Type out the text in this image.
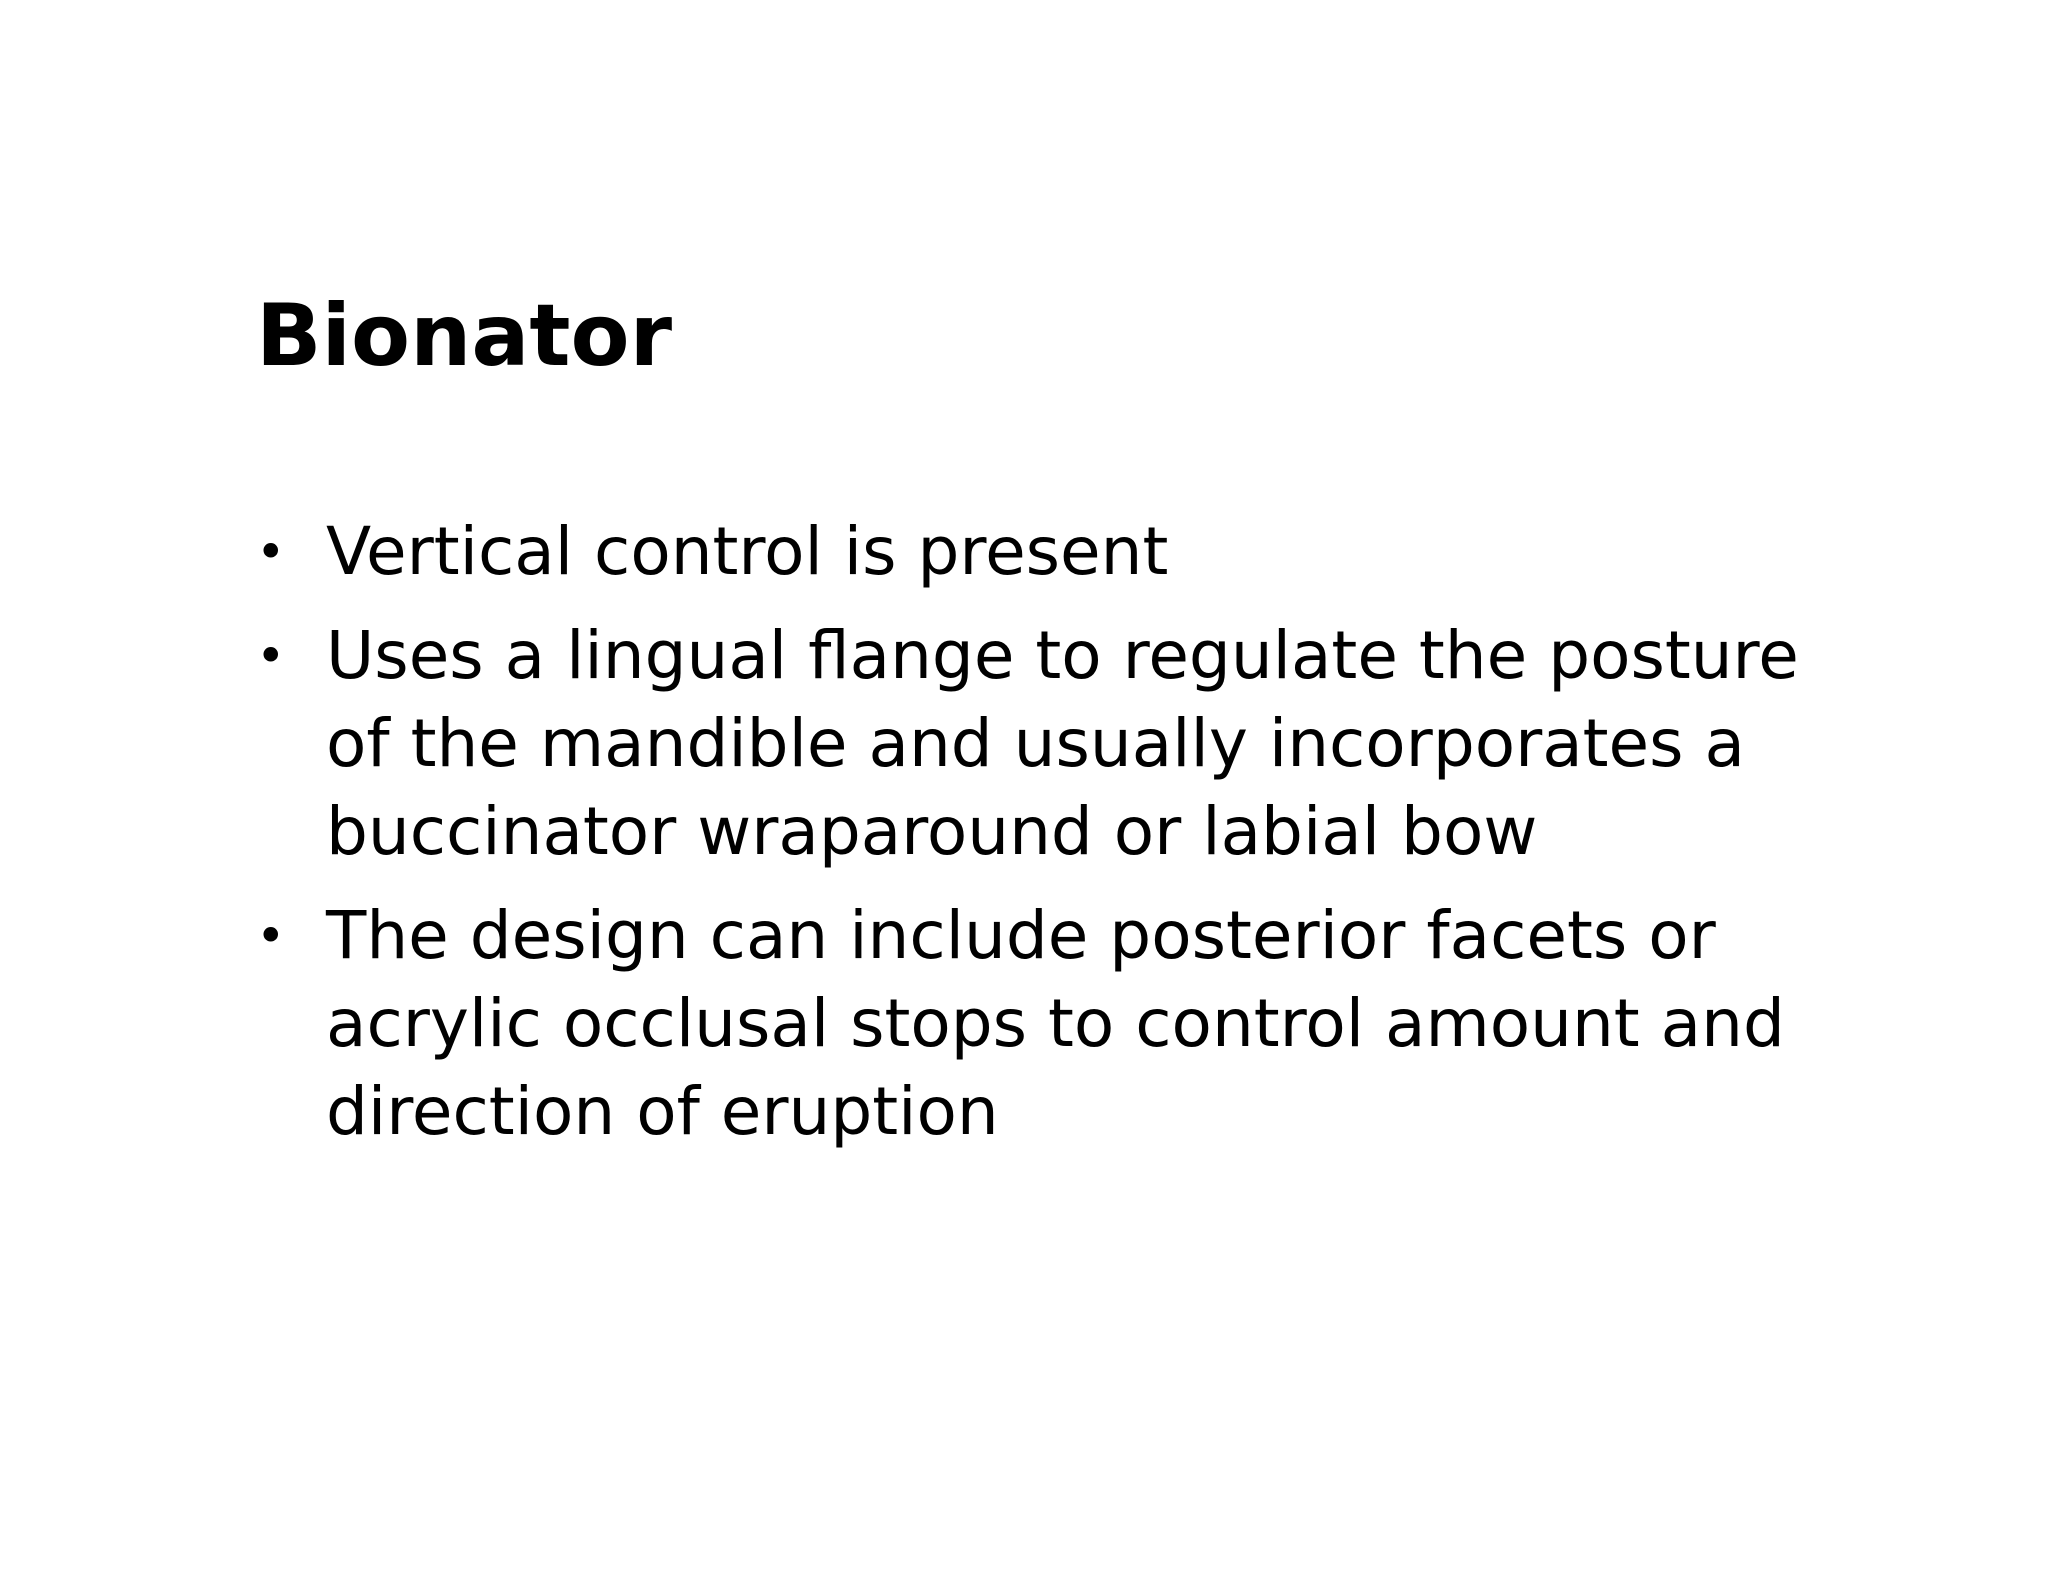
Bionator
• Vertical control is present
• Uses a lingual flange to regulate the posture of the mandible and usually incorporates a buccinator wraparound or labial bow
• The design can include posterior facets or acrylic occlusal stops to control amount and direction of eruption
